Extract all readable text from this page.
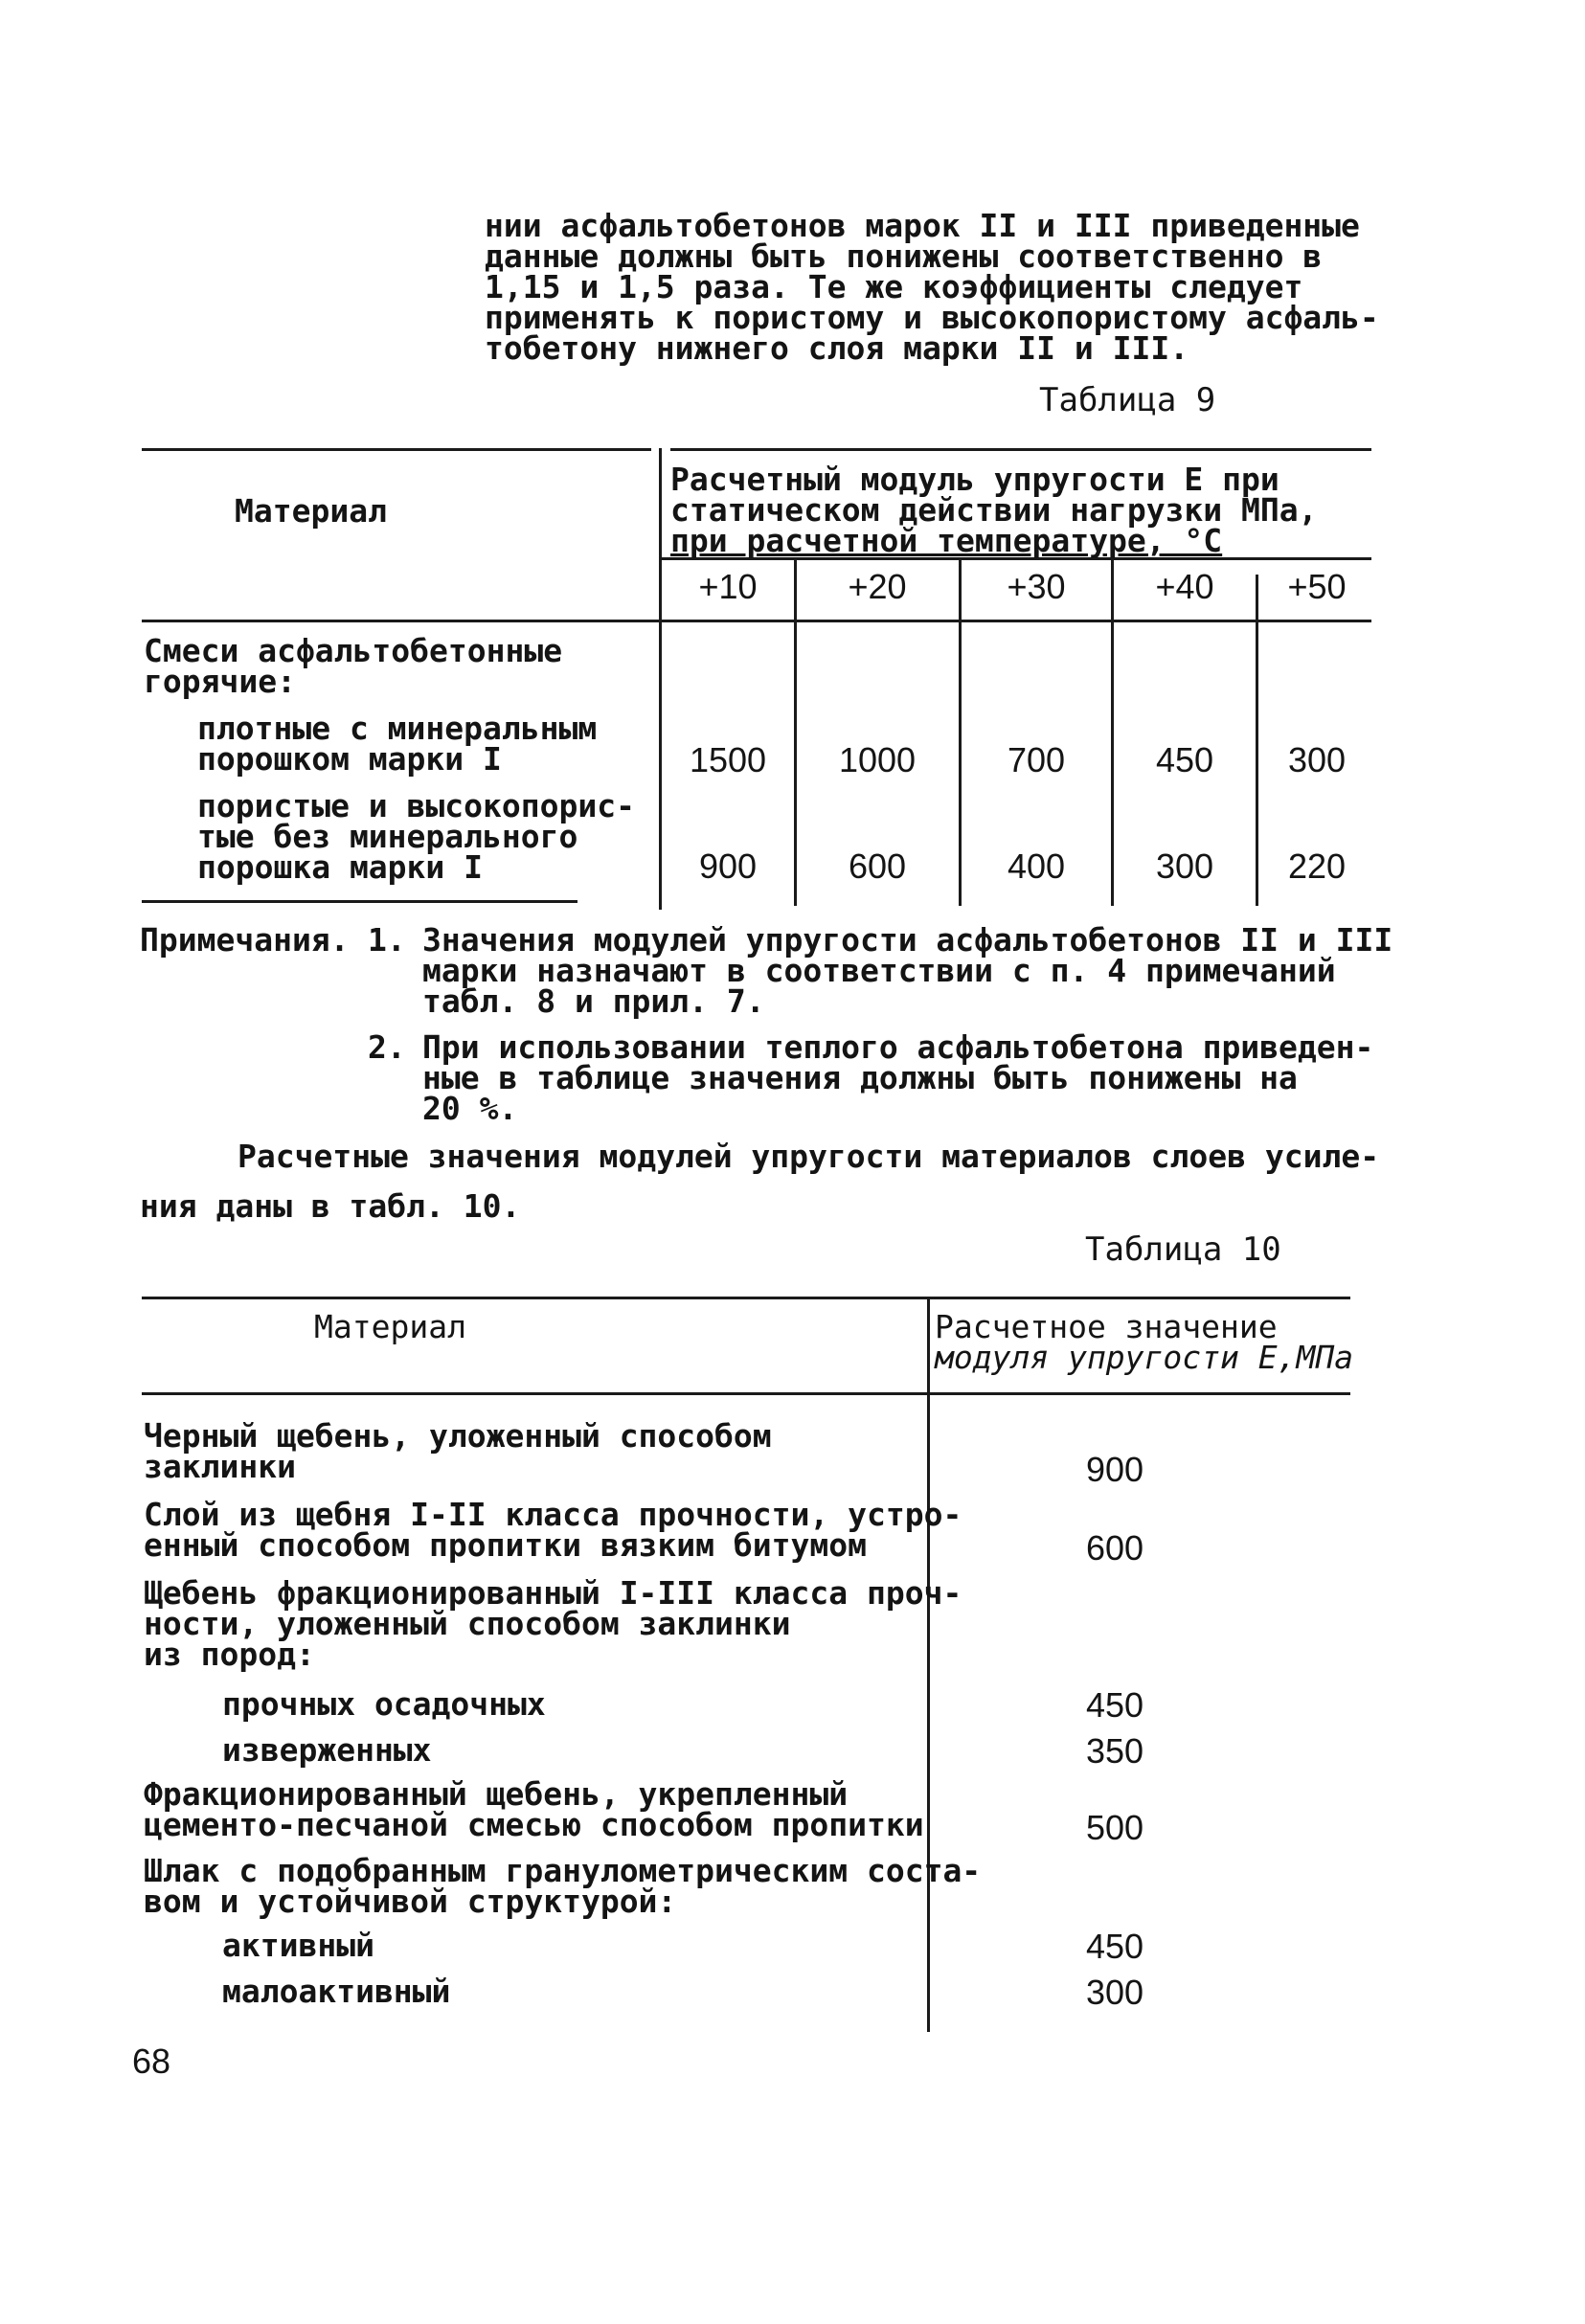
нии асфальтобетонов марок II и III приведенные
данные должны быть понижены соответственно в
1,15 и 1,5 раза. Те же коэффициенты следует
применять к пористому и высокопористому асфаль-
тобетону нижнего слоя марки II и III.
Таблица 9
Материал
Расчетный модуль упругости Е при
статическом действии нагрузки МПа,
при расчетной температуре, °С
+10	+20	+30	+40	+50
Смеси асфальтобетонные
горячие:
плотные с минеральным
порошком марки I	1500	1000	700	450	300
пористые и высокопорис-
тые без минерального
порошка марки I	900	600	400	300	220
Примечания. 1. Значения модулей упругости асфальтобетонов II и III
марки назначают в соответствии с п. 4 примечаний
табл. 8 и прил. 7.
2. При использовании теплого асфальтобетона приведен-
ные в таблице значения должны быть понижены на
20 %.
Расчетные значения модулей упругости материалов слоев усиле-
ния даны в табл. 10.
Таблица 10
Материал	Расчетное значение
модуля упругости Е,МПа
Черный щебень, уложенный способом
заклинки	900
Слой из щебня I-II класса прочности, устро-
енный способом пропитки вязким битумом	600
Щебень фракционированный I-III класса проч-
ности, уложенный способом заклинки
из пород:
прочных осадочных	450
изверженных	350
Фракционированный щебень, укрепленный
цементо-песчаной смесью способом пропитки	500
Шлак с подобранным гранулометрическим соста-
вом и устойчивой структурой:
активный	450
малоактивный	300
68
